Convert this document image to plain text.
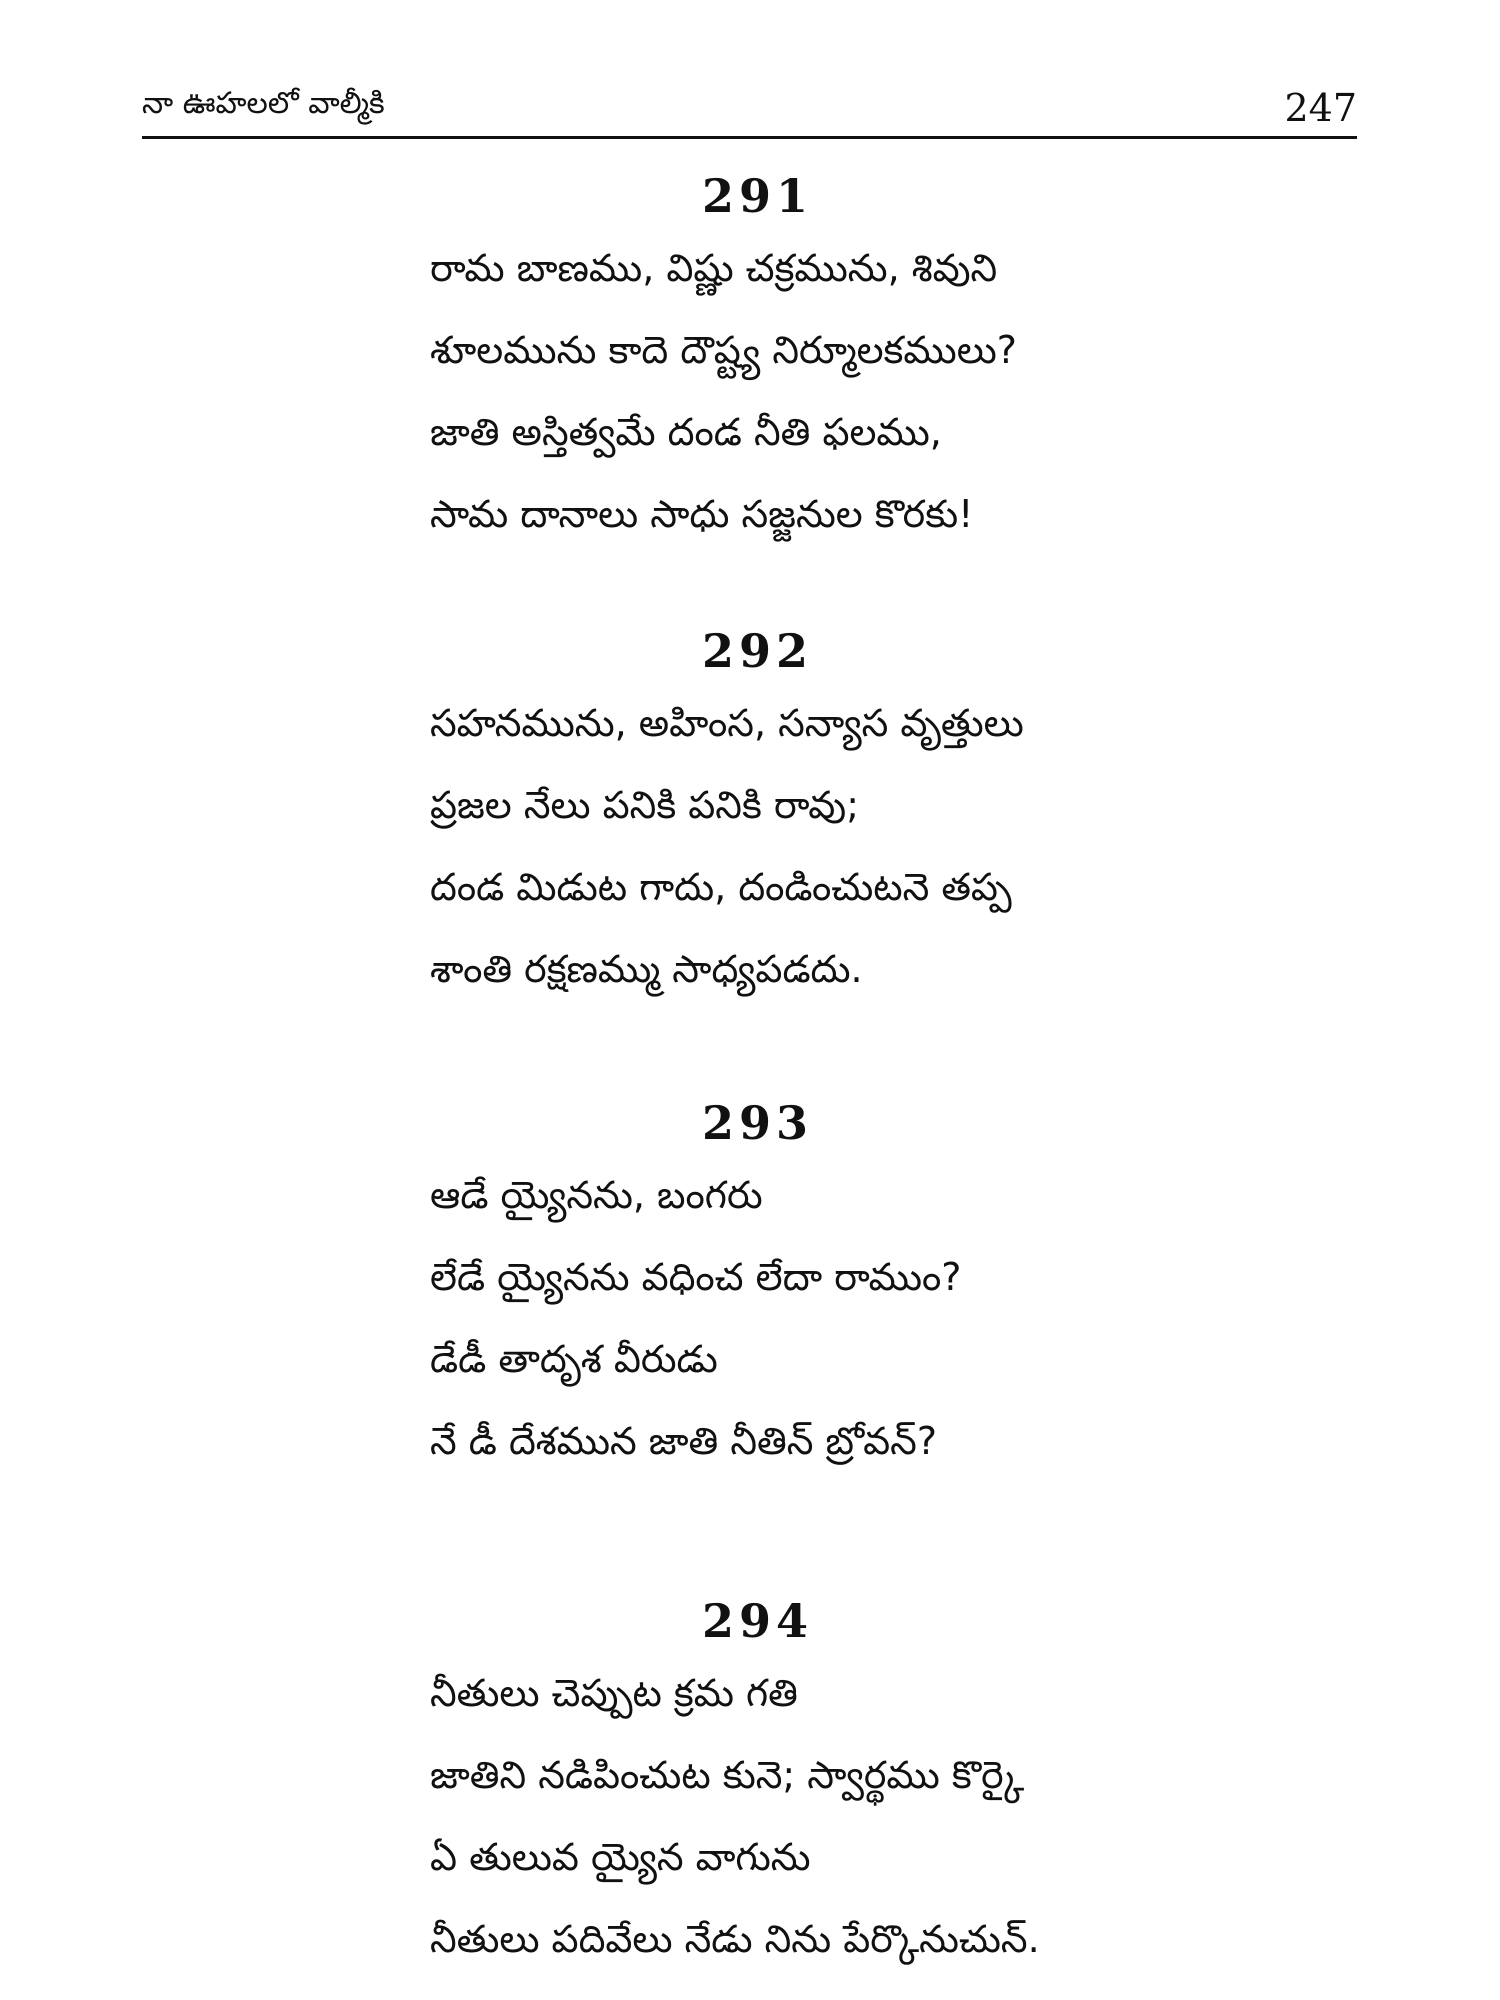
నా ఊహలలో వాల్మీకి	247
291
రామ బాణము, విష్ణు చక్రమును, శివుని
శూలమును కాదె దౌష్ట్య నిర్మూలకములు?
జాతి అస్తిత్వమే దండ నీతి ఫలము,
సామ దానాలు సాధు సజ్జనుల కొరకు!
292
సహనమును, అహింస, సన్యాస వృత్తులు
ప్రజల నేలు పనికి పనికి రావు;
దండ మిడుట గాదు, దండించుటనె తప్ప
శాంతి రక్షణమ్ము సాధ్యపడదు.
293
ఆడే య్యైనను, బంగరు
లేడే య్యైనను వధించ లేదా రాముం?
డేడీ తాదృశ వీరుడు
నే డీ దేశమున జాతి నీతిన్ బ్రోవన్?
294
నీతులు చెప్పుట క్రమ గతి
జాతిని నడిపించుట కునె; స్వార్థము కొర్కై
ఏ తులువ య్యైన వాగును
నీతులు పదివేలు నేడు నిను పేర్కొనుచున్.
